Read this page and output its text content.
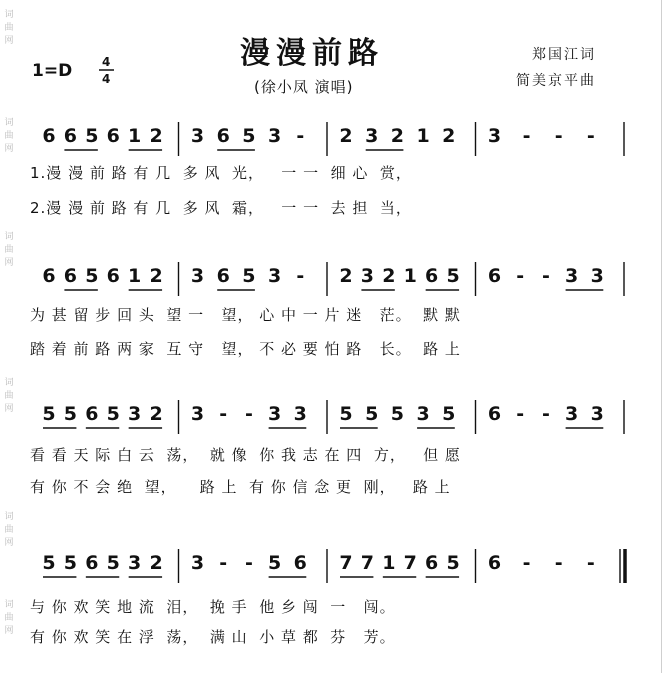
词
曲
网
词
曲
网
词
曲
网
词
曲
网
词
曲
网
词
曲
网
漫漫前路
(徐小凤 演唱)
1=D 4
4
郑国江词
简美京平曲
6 6 5 6 1 2 3 6 5 3 - 2 3 2 1 2 3 - - -
1.漫 漫 前 路 有 几  多 风  光，   一 一  细 心  赏，
2.漫 漫 前 路 有 几  多 风  霜，   一 一  去 担  当，
6 6 5 6 1 2 3 6 5 3 - 2 3 2 1 6 5 6 - - 3 3
为 甚 留 步 回 头  望 一   望， 心 中 一 片 迷   茫。  默 默
踏 着 前 路 两 家  互 守   望， 不 必 要 怕 路   长。  路 上
5 5 6 5 3 2 3 - - 3 3 5 5 5 3 5 6 - - 3 3
看 看 天 际 白 云  荡，  就 像  你 我 志 在 四  方，   但 愿
有 你 不 会 绝  望，    路 上  有 你 信 念 更  刚，   路 上
5 5 6 5 3 2 3 - - 5 6 7 7 1 7 6 5 6 - - -
与 你 欢 笑 地 流  泪，  挽 手  他 乡 闯  一   闯。
有 你 欢 笑 在 浮  荡，  满 山  小 草 都  芬   芳。
